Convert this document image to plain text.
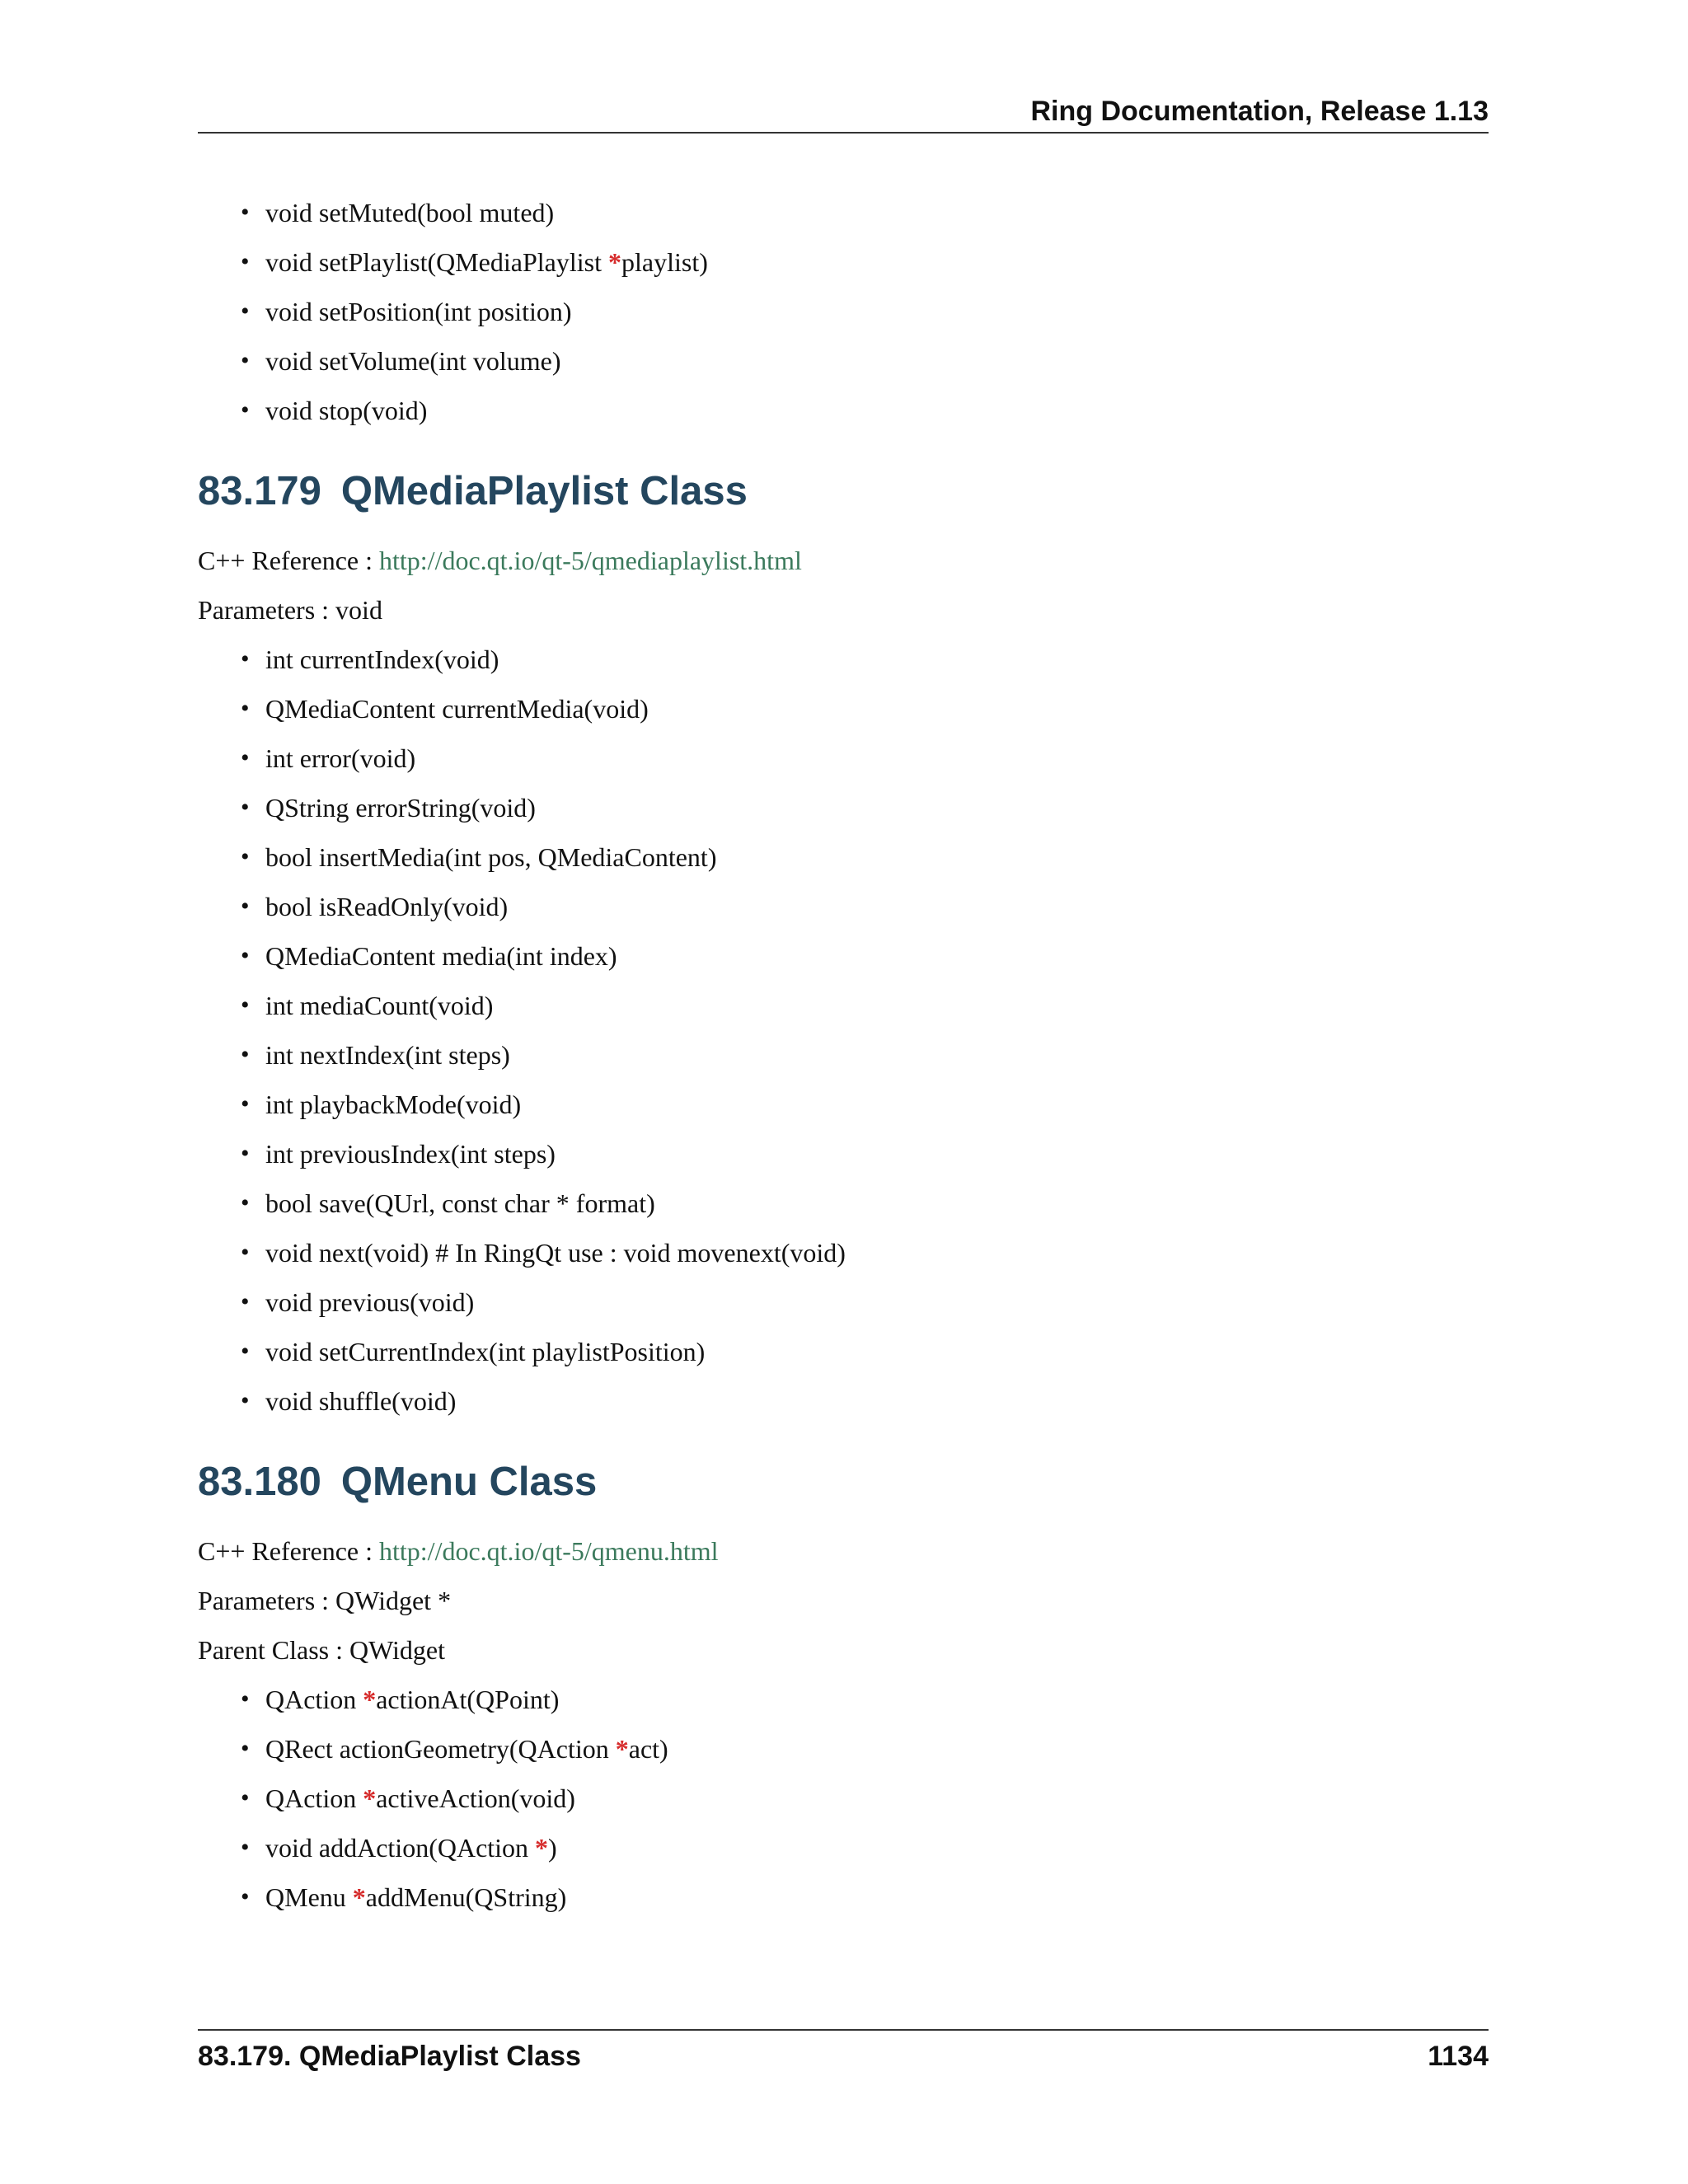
Ring Documentation, Release 1.13
• void setMuted(bool muted)
• void setPlaylist(QMediaPlaylist *playlist)
• void setPosition(int position)
• void setVolume(int volume)
• void stop(void)
83.179 QMediaPlaylist Class

C++ Reference : http://doc.qt.io/qt-5/qmediaplaylist.html

Parameters : void

• int currentIndex(void)
• QMediaContent currentMedia(void)
• int error(void)
• QString errorString(void)
• bool insertMedia(int pos, QMediaContent)
• bool isReadOnly(void)
• QMediaContent media(int index)
• int mediaCount(void)
• int nextIndex(int steps)
• int playbackMode(void)
• int previousIndex(int steps)
• bool save(QUrl, const char * format)
• void next(void) # In RingQt use : void movenext(void)
• void previous(void)
• void setCurrentIndex(int playlistPosition)
• void shuffle(void)
83.180 QMenu Class

C++ Reference : http://doc.qt.io/qt-5/qmenu.html

Parameters : QWidget *

Parent Class : QWidget

• QAction *actionAt(QPoint)
• QRect actionGeometry(QAction *act)
• QAction *activeAction(void)
• void addAction(QAction *)
• QMenu *addMenu(QString)
83.179. QMediaPlaylist Class	1134
